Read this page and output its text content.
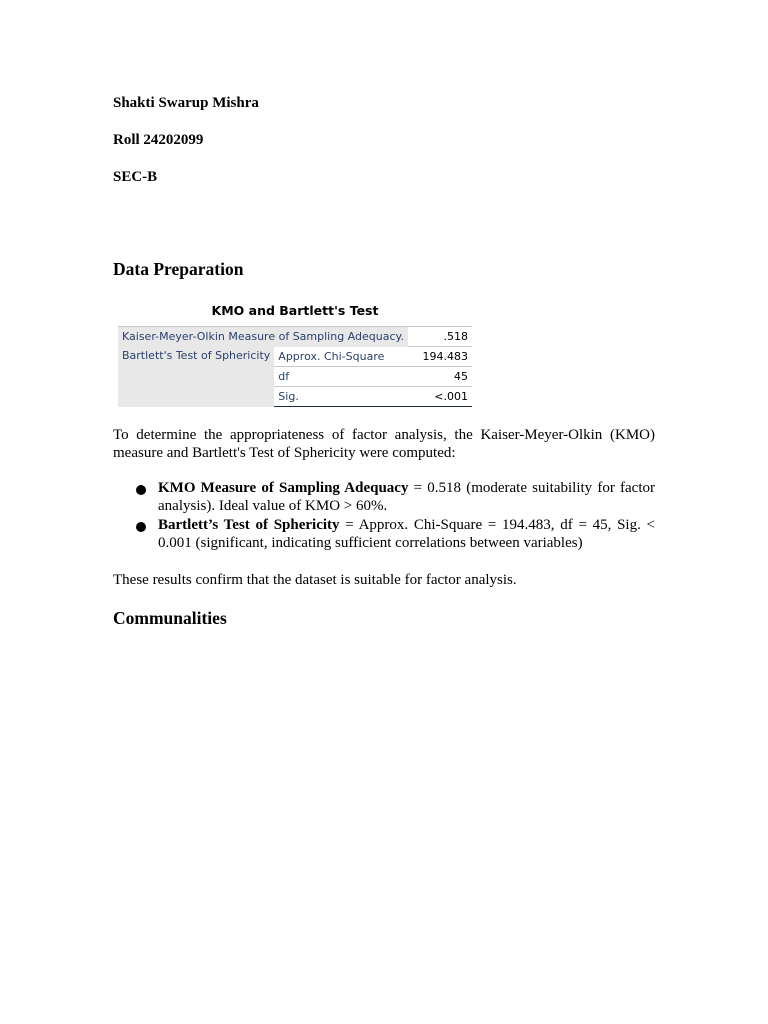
Shakti Swarup Mishra
Roll 24202099
SEC-B
Data Preparation
KMO and Bartlett's Test
Kaiser-Meyer-Olkin Measure of Sampling Adequacy.		.518
Bartlett's Test of Sphericity	Approx. Chi-Square	194.483
	df	45
	Sig.	<.001
To determine the appropriateness of factor analysis, the Kaiser-Meyer-Olkin (KMO) measure and Bartlett's Test of Sphericity were computed:
KMO Measure of Sampling Adequacy = 0.518 (moderate suitability for factor analysis). Ideal value of KMO > 60%.
Bartlett’s Test of Sphericity = Approx. Chi-Square = 194.483, df = 45, Sig. < 0.001 (significant, indicating sufficient correlations between variables)
These results confirm that the dataset is suitable for factor analysis.
Communalities
